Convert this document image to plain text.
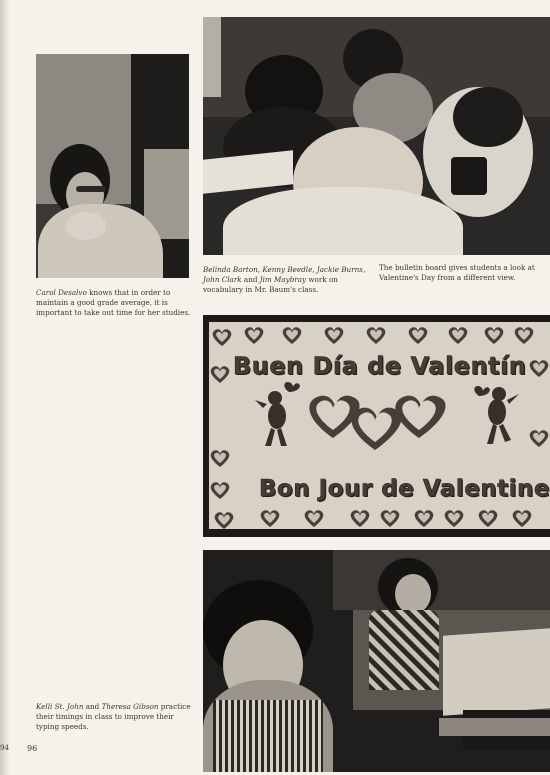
Carol Desalvo knows that in order to maintain a good grade average, it is important to take out time for her studies.
Belinda Barton, Kenny Beedle, Jackie Burns, John Clark and Jim Maybray work on vocabulary in Mr. Baum's class.
The bulletin board gives students a look at Valentine's Day from a different view.
Buen Día de Valentín
Bon Jour de Valentine
Kelli St. John and Theresa Gibson practice their timings in class to improve their typing speeds.
96
94
